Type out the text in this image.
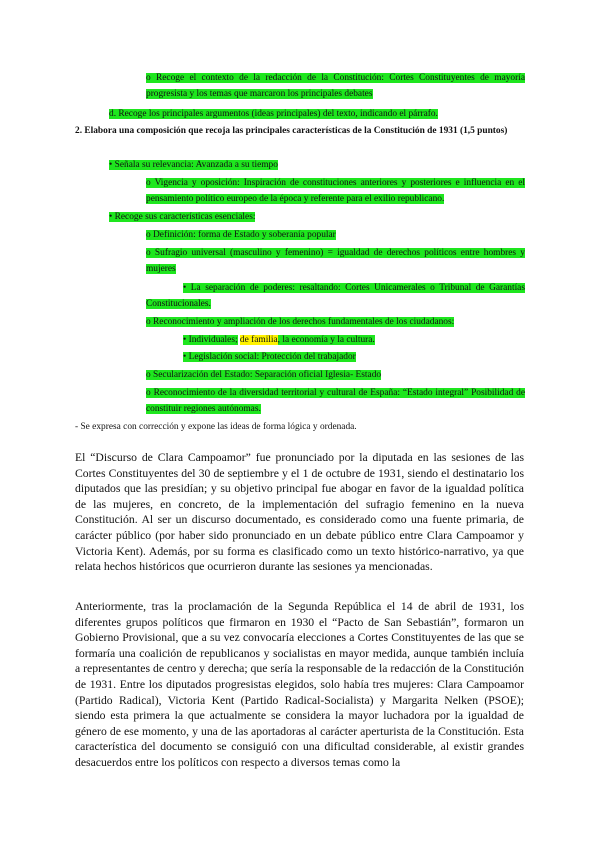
o Recoge el contexto de la redacción de la Constitución: Cortes Constituyentes de mayoría progresista y los temas que marcaron los principales debates
d. Recoge los principales argumentos (ideas principales) del texto, indicando el párrafo.
2. Elabora una composición que recoja las principales características de la Constitución de 1931 (1,5 puntos)
• Señala su relevancia: Avanzada a su tiempo
o Vigencia y oposición: Inspiración de constituciones anteriores y posteriores e influencia en el pensamiento político europeo de la época y referente para el exilio republicano.
• Recoge sus características esenciales:
o Definición: forma de Estado y soberanía popular
o Sufragio universal (masculino y femenino) = igualdad de derechos políticos entre hombres y mujeres
• La separación de poderes: resaltando: Cortes Unicamerales o Tribunal de Garantías Constitucionales.
o Reconocimiento y ampliación de los derechos fundamentales de los ciudadanos:
• Individuales; de familia, la economía y la cultura.
• Legislación social: Protección del trabajador
o Secularización del Estado: Separación oficial Iglesia- Estado
o Reconocimiento de la diversidad territorial y cultural de España: “Estado integral” Posibilidad de constituir regiones autónomas.
- Se expresa con corrección y expone las ideas de forma lógica y ordenada.

El “Discurso de Clara Campoamor” fue pronunciado por la diputada en las sesiones de las Cortes Constituyentes del 30 de septiembre y el 1 de octubre de 1931, siendo el destinatario los diputados que las presidían; y su objetivo principal fue abogar en favor de la igualdad política de las mujeres, en concreto, de la implementación del sufragio femenino en la nueva Constitución. Al ser un discurso documentado, es considerado como una fuente primaria, de carácter público (por haber sido pronunciado en un debate público entre Clara Campoamor y Victoria Kent). Además, por su forma es clasificado como un texto histórico-narrativo, ya que relata hechos históricos que ocurrieron durante las sesiones ya mencionadas.

Anteriormente, tras la proclamación de la Segunda República el 14 de abril de 1931, los diferentes grupos políticos que firmaron en 1930 el “Pacto de San Sebastián”, formaron un Gobierno Provisional, que a su vez convocaría elecciones a Cortes Constituyentes de las que se formaría una coalición de republicanos y socialistas en mayor medida, aunque también incluía a representantes de centro y derecha; que sería la responsable de la redacción de la Constitución de 1931. Entre los diputados progresistas elegidos, solo había tres mujeres: Clara Campoamor (Partido Radical), Victoria Kent (Partido Radical-Socialista) y Margarita Nelken (PSOE); siendo esta primera la que actualmente se considera la mayor luchadora por la igualdad de género de ese momento, y una de las aportadoras al carácter aperturista de la Constitución. Esta característica del documento se consiguió con una dificultad considerable, al existir grandes desacuerdos entre los políticos con respecto a diversos temas como la
